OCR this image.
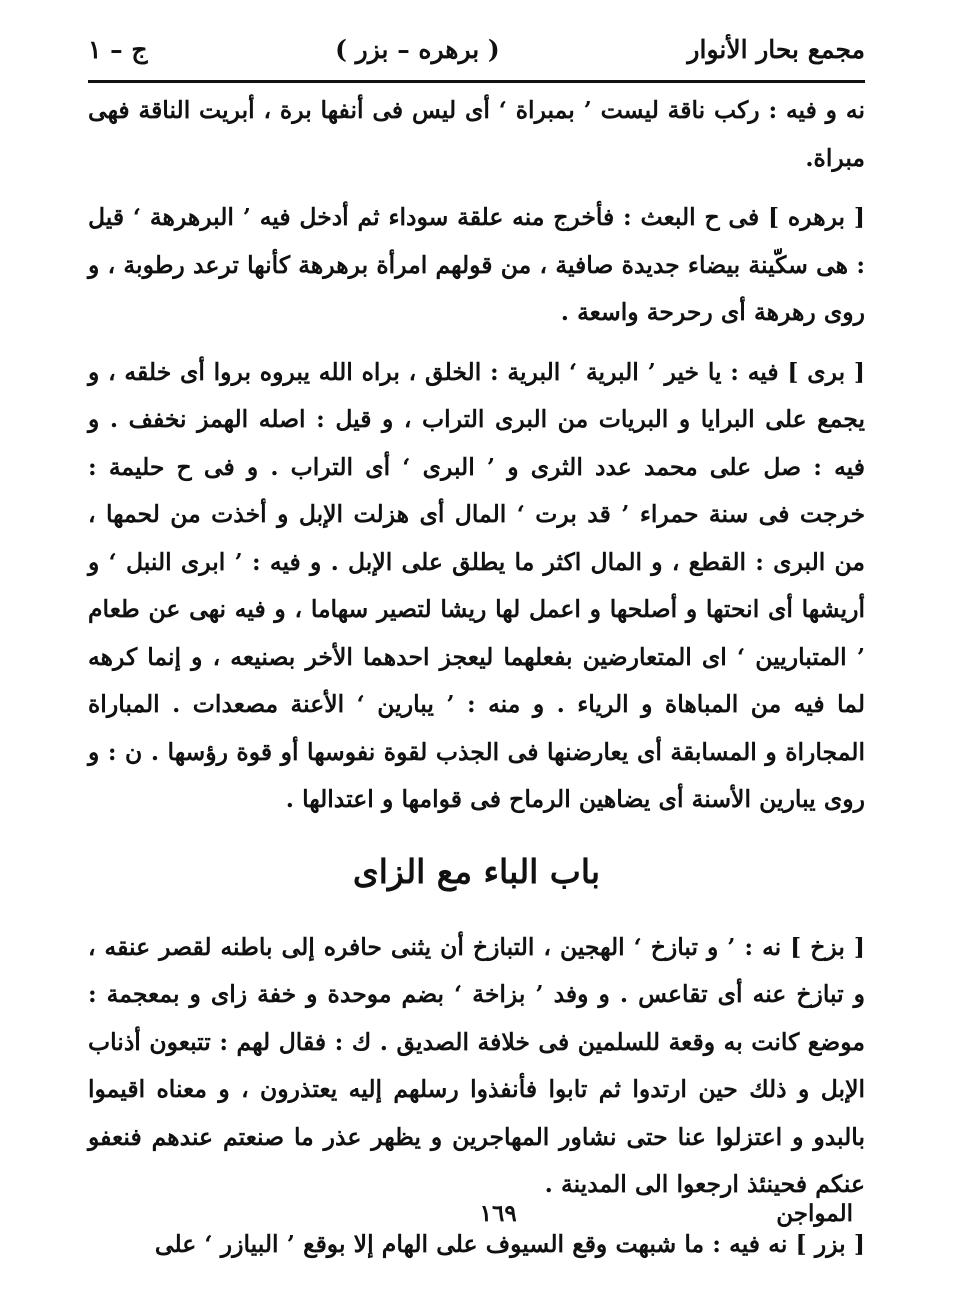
مجمع بحار الأنوار
( برهره – بزر )
ج – ١

نه و فيه : ركب ناقة ليست ’ بمبراة ‘ أى ليس فى أنفها برة ، أبريت الناقة فهى مبراة.

[ برهره ] فى ح البعث : فأخرج منه علقة سوداء ثم أدخل فيه ’ البرهرهة ‘ قيل : هى سكّينة بيضاء جديدة صافية ، من قولهم امرأة برهرهة كأنها ترعد رطوبة ، و روى رهرهة أى رحرحة واسعة .

[ برى ] فيه : يا خير ’ البرية ‘ البرية : الخلق ، براه الله يبروه بروا أى خلقه ، و يجمع على البرايا و البريات من البرى التراب ، و قيل : اصله الهمز نخفف . و فيه : صل على محمد عدد الثرى و ’ البرى ‘ أى التراب . و فى ح حليمة : خرجت فى سنة حمراء ’ قد برت ‘ المال أى هزلت الإبل و أخذت من لحمها ، من البرى : القطع ، و المال اكثر ما يطلق على الإبل . و فيه : ’ ابرى النبل ‘ و أريشها أى انحتها و أصلحها و اعمل لها ريشا لتصير سهاما ، و فيه نهى عن طعام ’ المتباريين ‘ اى المتعارضين بفعلهما ليعجز احدهما الأخر بصنيعه ، و إنما كرهه لما فيه من المباهاة و الرياء . و منه : ’ يبارين ‘ الأعنة مصعدات . المباراة المجاراة و المسابقة أى يعارضنها فى الجذب لقوة نفوسها أو قوة رؤسها . ن : و روى يبارين الأسنة أى يضاهين الرماح فى قوامها و اعتدالها .

باب الباء مع الزاى

[ بزخ ] نه : ’ و تبازخ ‘ الهجين ، التبازخ أن يثنى حافره إلى باطنه لقصر عنقه ، و تبازخ عنه أى تقاعس . و وفد ’ بزاخة ‘ بضم موحدة و خفة زاى و بمعجمة : موضع كانت به وقعة للسلمين فى خلافة الصديق . ك : فقال لهم : تتبعون أذناب الإبل و ذلك حين ارتدوا ثم تابوا فأنفذوا رسلهم إليه يعتذرون ، و معناه اقيموا بالبدو و اعتزلوا عنا حتى نشاور المهاجرين و يظهر عذر ما صنعتم عندهم فنعفو عنكم فحينئذ ارجعوا الى المدينة .

[ بزر ] نه فيه : ما شبهت وقع السيوف على الهام إلا بوقع ’ البيازر ‘ على

المواجن
١٦٩
